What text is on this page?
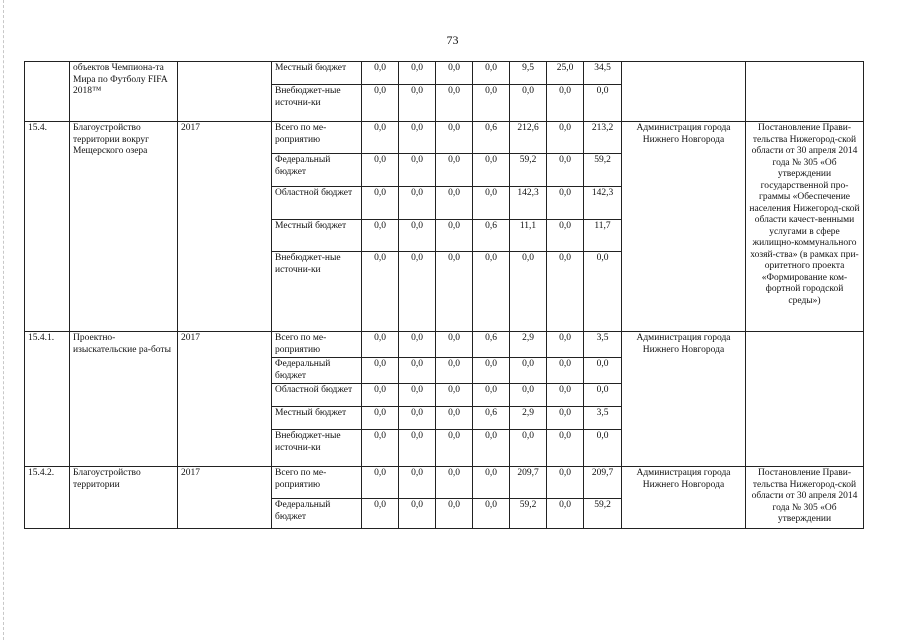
73
	объектов Чемпиона-та Мира по Футболу FIFA 2018™		Местный бюджет	0,0	0,0	0,0	0,0	9,5	25,0	34,5		
			Внебюджет-ные источни-ки	0,0	0,0	0,0	0,0	0,0	0,0	0,0		
15.4.	Благоустройство территории вокруг Мещерского озера	2017	Всего по ме-роприятию	0,0	0,0	0,0	0,6	212,6	0,0	213,2	Администрация города Нижнего Новгорода	Постановление Прави-тельства Нижегород-ской области от 30 апреля 2014 года № 305 «Об утверждении государственной про-граммы «Обеспечение населения Нижегород-ской области качест-венными услугами в сфере жилищно-коммунального хозяй-ства» (в рамках при-оритетного проекта «Формирование ком-фортной городской среды»)
			Федеральный бюджет	0,0	0,0	0,0	0,0	59,2	0,0	59,2		
			Областной бюджет	0,0	0,0	0,0	0,0	142,3	0,0	142,3		
			Местный бюджет	0,0	0,0	0,0	0,6	11,1	0,0	11,7		
			Внебюджет-ные источни-ки	0,0	0,0	0,0	0,0	0,0	0,0	0,0		
15.4.1.	Проектно-изыскательские ра-боты	2017	Всего по ме-роприятию	0,0	0,0	0,0	0,6	2,9	0,0	3,5	Администрация города Нижнего Новгорода	
			Федеральный бюджет	0,0	0,0	0,0	0,0	0,0	0,0	0,0		
			Областной бюджет	0,0	0,0	0,0	0,0	0,0	0,0	0,0		
			Местный бюджет	0,0	0,0	0,0	0,6	2,9	0,0	3,5		
			Внебюджет-ные источни-ки	0,0	0,0	0,0	0,0	0,0	0,0	0,0		
15.4.2.	Благоустройство территории	2017	Всего по ме-роприятию	0,0	0,0	0,0	0,0	209,7	0,0	209,7	Администрация города Нижнего Новгорода	Постановление Прави-тельства Нижегород-ской области от 30 апреля 2014 года № 305 «Об утверждении
			Федеральный бюджет	0,0	0,0	0,0	0,0	59,2	0,0	59,2		
